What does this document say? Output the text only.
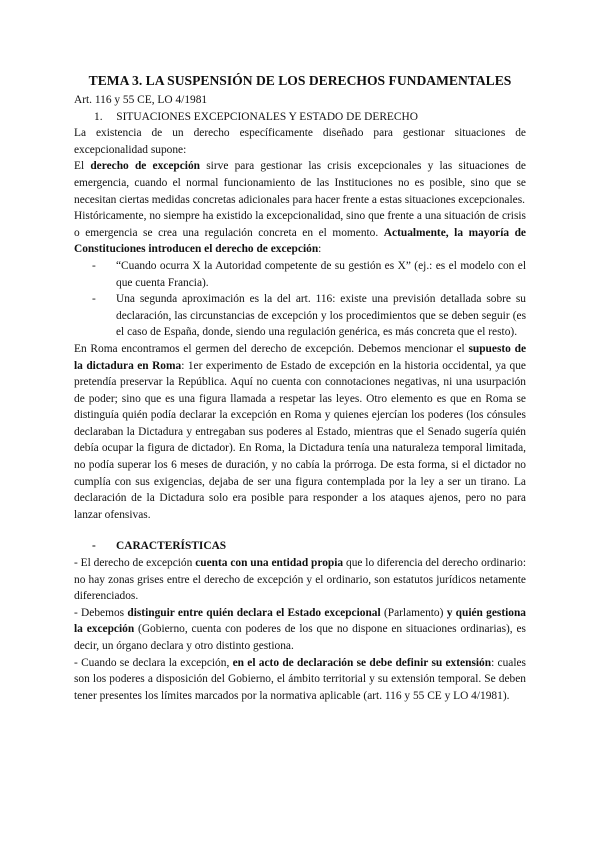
TEMA 3. LA SUSPENSIÓN DE LOS DERECHOS FUNDAMENTALES

Art. 116 y 55 CE, LO 4/1981

1. SITUACIONES EXCEPCIONALES Y ESTADO DE DERECHO

La existencia de un derecho específicamente diseñado para gestionar situaciones de excepcionalidad supone:

El derecho de excepción sirve para gestionar las crisis excepcionales y las situaciones de emergencia, cuando el normal funcionamiento de las Instituciones no es posible, sino que se necesitan ciertas medidas concretas adicionales para hacer frente a estas situaciones excepcionales.

Históricamente, no siempre ha existido la excepcionalidad, sino que frente a una situación de crisis o emergencia se crea una regulación concreta en el momento. Actualmente, la mayoría de Constituciones introducen el derecho de excepción:

- “Cuando ocurra X la Autoridad competente de su gestión es X” (ej.: es el modelo con el que cuenta Francia).
- Una segunda aproximación es la del art. 116: existe una previsión detallada sobre su declaración, las circunstancias de excepción y los procedimientos que se deben seguir (es el caso de España, donde, siendo una regulación genérica, es más concreta que el resto).

En Roma encontramos el germen del derecho de excepción. Debemos mencionar el supuesto de la dictadura en Roma: 1er experimento de Estado de excepción en la historia occidental, ya que pretendía preservar la República. Aquí no cuenta con connotaciones negativas, ni una usurpación de poder; sino que es una figura llamada a respetar las leyes. Otro elemento es que en Roma se distinguía quién podía declarar la excepción en Roma y quienes ejercían los poderes (los cónsules declaraban la Dictadura y entregaban sus poderes al Estado, mientras que el Senado sugería quién debía ocupar la figura de dictador). En Roma, la Dictadura tenía una naturaleza temporal limitada, no podía superar los 6 meses de duración, y no cabía la prórroga. De esta forma, si el dictador no cumplía con sus exigencias, dejaba de ser una figura contemplada por la ley a ser un tirano. La declaración de la Dictadura solo era posible para responder a los ataques ajenos, pero no para lanzar ofensivas.

- CARACTERÍSTICAS

- El derecho de excepción cuenta con una entidad propia que lo diferencia del derecho ordinario: no hay zonas grises entre el derecho de excepción y el ordinario, son estatutos jurídicos netamente diferenciados.

- Debemos distinguir entre quién declara el Estado excepcional (Parlamento) y quién gestiona la excepción (Gobierno, cuenta con poderes de los que no dispone en situaciones ordinarias), es decir, un órgano declara y otro distinto gestiona.

- Cuando se declara la excepción, en el acto de declaración se debe definir su extensión: cuales son los poderes a disposición del Gobierno, el ámbito territorial y su extensión temporal. Se deben tener presentes los límites marcados por la normativa aplicable (art. 116 y 55 CE y LO 4/1981).
